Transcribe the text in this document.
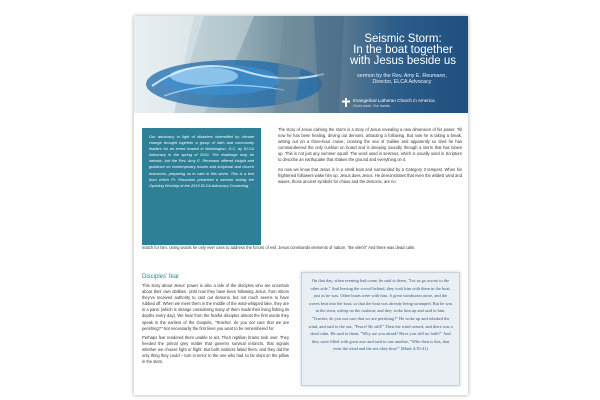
Seismic Storm:
In the boat together
with Jesus beside us
sermon by the Rev. Amy E. Reumann,
Director, ELCA Advocacy
Evangelical Lutheran Church in America
God's work. Our hands.

Our advocacy in light of disasters intensified by climate change brought together a group of faith and community leaders for an event hosted in Washington, D.C. by ELCA Advocacy in the spring of 2019. The challenge may be seismic, but the Rev. Amy E. Reumann offered insight and guidance on contemporary issues and scriptural and church resources, preparing us to care in this storm. This is a text from which Pr. Reumann preached a sermon during the Opening Worship of the 2019 ELCA Advocacy Convening.

The story of Jesus calming the storm is a story of Jesus revealing a new dimension of his power. Till now he has been healing, driving out demons, attracting a following. But now he is taking a break, setting out on a three-hour cruise, crossing the sea of Galilee and apparently so tired he has commandeered the only cushion on board and is sleeping soundly through a storm that has blown up. This is not just any summer squall. The word used is seismos, which is usually used in Scripture to describe an earthquake that shakes the ground and everything on it.

So now we know that Jesus is in a small boat and surrounded by a Category 3 tempest. When his frightened followers wake him up, Jesus does Jesus. He demonstrates that even the wildest wind and waves, those ancient symbols for chaos and the demonic, are no

match for him. Using words he only ever uses to address the forces of evil, Jesus commands elements of nature, "Be silent!" And there was dead calm.

Disciples' fear

This story about Jesus' power is also a tale of the disciples who are uncertain about their own abilities. Until now they have been following Jesus, from whom they've received authority to cast out demons, but not much seems to have rubbed off. When we meet them in the middle of the wind-whipped lake, they are in a panic (which is strange considering many of them made their living fishing its depths every day). We hear from the fearful disciples almost the first words they speak in the earliest of the Gospels, "Teacher, do you not care that we are perishing?" Not necessarily the first lines you want to be remembered for.

Perhaps fear rendered them unable to act. Their reptilian brains took over. They heeded the primal grey matter that governs survival instincts, that signals whether we choose fight or flight. But both instincts failed them, and they did the only thing they could – turn in terror to the one who had so far slept on the pillow in the stern.

On that day, when evening had come, he said to them, "Let us go across to the other side." And leaving the crowd behind, they took him with them in the boat, just as he was. Other boats were with him. A great windstorm arose, and the waves beat into the boat, so that the boat was already being swamped. But he was in the stern, asleep on the cushion; and they woke him up and said to him, "Teacher, do you not care that we are perishing?" He woke up and rebuked the wind, and said to the sea, "Peace! Be still!" Then the wind ceased, and there was a dead calm. He said to them, "Why are you afraid? Have you still no faith?" And they were filled with great awe and said to one another, "Who then is this, that even the wind and the sea obey him?" (Mark 4:35-41)
